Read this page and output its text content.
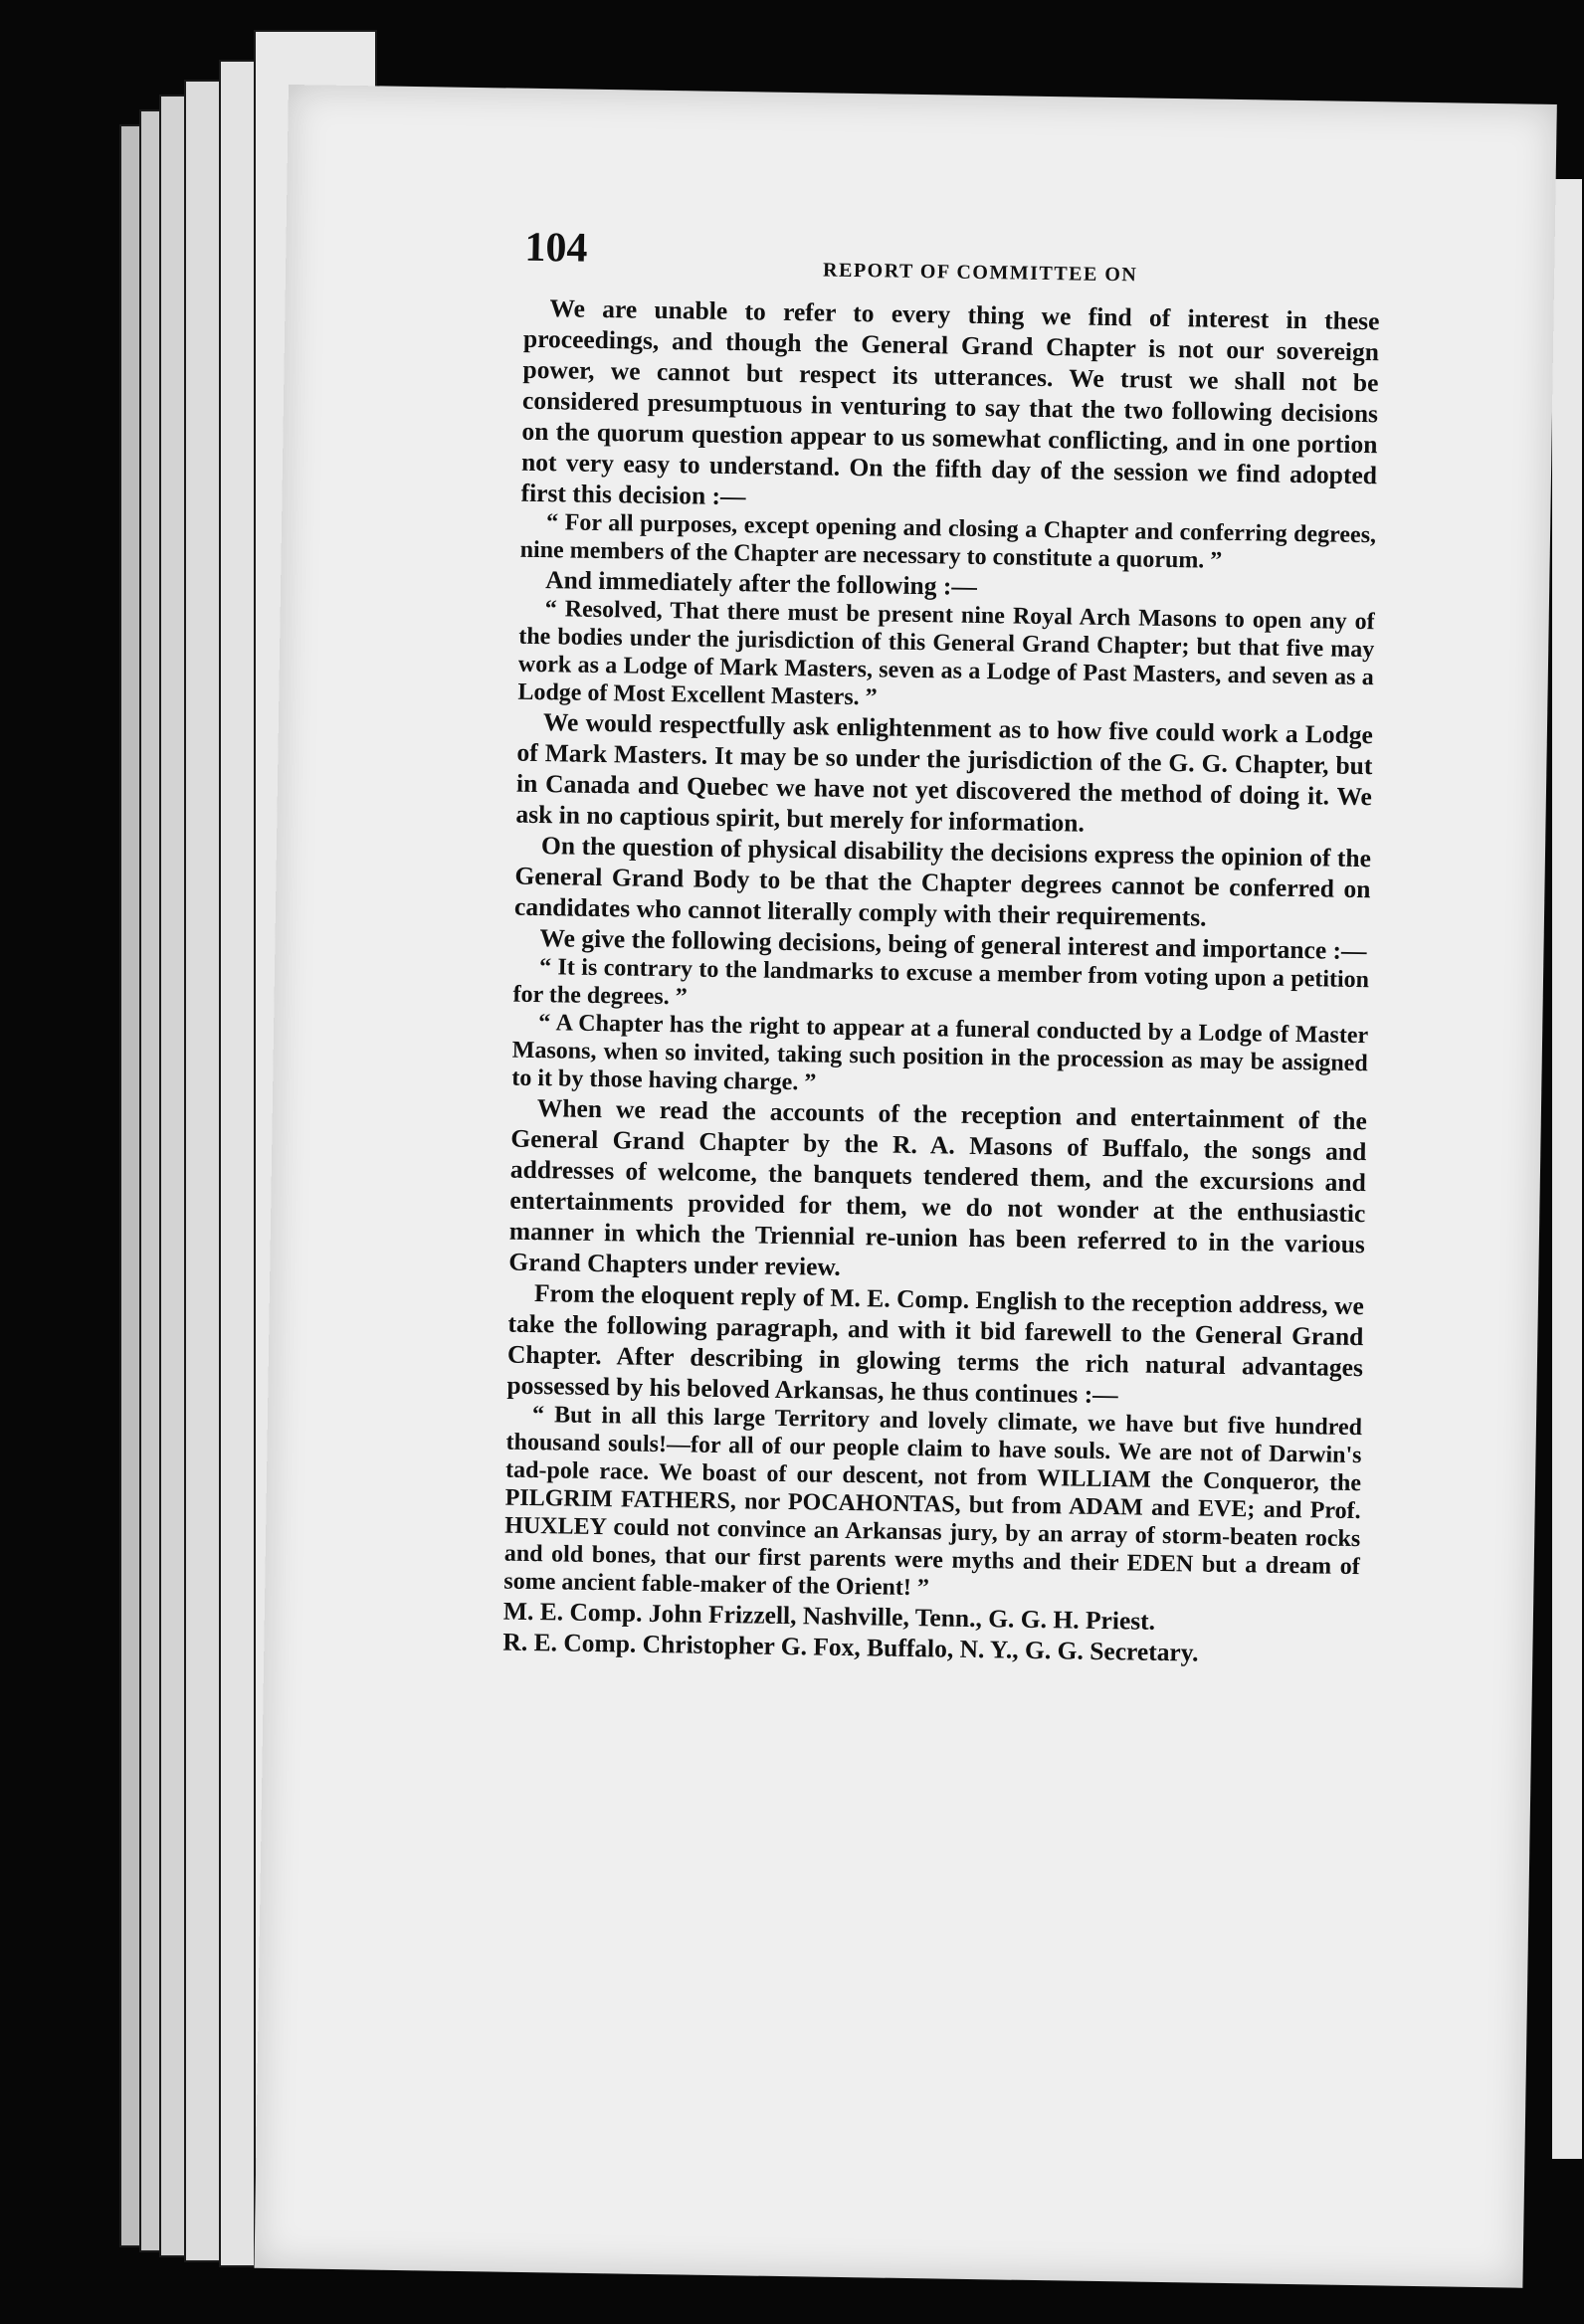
104
REPORT OF COMMITTEE ON

We are unable to refer to every thing we find of interest in these proceedings, and though the General Grand Chapter is not our sovereign power, we cannot but respect its utterances. We trust we shall not be considered presumptuous in venturing to say that the two following decisions on the quorum question appear to us somewhat conflicting, and in one portion not very easy to understand. On the fifth day of the session we find adopted first this decision :—

“ For all purposes, except opening and closing a Chapter and conferring degrees, nine members of the Chapter are necessary to constitute a quorum. ”

And immediately after the following :—

“ Resolved, That there must be present nine Royal Arch Masons to open any of the bodies under the jurisdiction of this General Grand Chapter; but that five may work as a Lodge of Mark Masters, seven as a Lodge of Past Masters, and seven as a Lodge of Most Excellent Masters. ”

We would respectfully ask enlightenment as to how five could work a Lodge of Mark Masters. It may be so under the jurisdiction of the G. G. Chapter, but in Canada and Quebec we have not yet discovered the method of doing it. We ask in no captious spirit, but merely for information.

On the question of physical disability the decisions express the opinion of the General Grand Body to be that the Chapter degrees cannot be conferred on candidates who cannot literally comply with their requirements.

We give the following decisions, being of general interest and importance :—

“ It is contrary to the landmarks to excuse a member from voting upon a petition for the degrees. ”

“ A Chapter has the right to appear at a funeral conducted by a Lodge of Master Masons, when so invited, taking such position in the procession as may be assigned to it by those having charge. ”

When we read the accounts of the reception and entertainment of the General Grand Chapter by the R. A. Masons of Buffalo, the songs and addresses of welcome, the banquets tendered them, and the excursions and entertainments provided for them, we do not wonder at the enthusiastic manner in which the Triennial re-union has been referred to in the various Grand Chapters under review.

From the eloquent reply of M. E. Comp. English to the reception address, we take the following paragraph, and with it bid farewell to the General Grand Chapter. After describing in glowing terms the rich natural advantages possessed by his beloved Arkansas, he thus continues :—

“ But in all this large Territory and lovely climate, we have but five hundred thousand souls!—for all of our people claim to have souls. We are not of Darwin's tad-pole race. We boast of our descent, not from WILLIAM the Conqueror, the PILGRIM FATHERS, nor POCAHONTAS, but from ADAM and EVE; and Prof. HUXLEY could not convince an Arkansas jury, by an array of storm-beaten rocks and old bones, that our first parents were myths and their EDEN but a dream of some ancient fable-maker of the Orient! ”

M. E. Comp. John Frizzell, Nashville, Tenn., G. G. H. Priest.

R. E. Comp. Christopher G. Fox, Buffalo, N. Y., G. G. Secretary.
